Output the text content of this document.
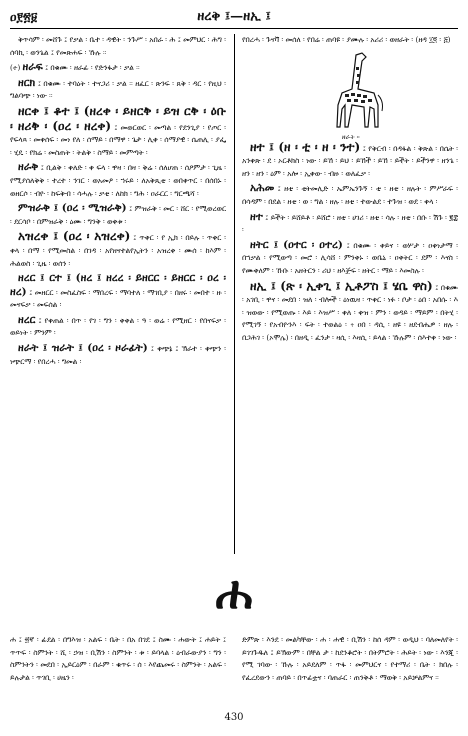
ዐ፻፳፱	ዘረቅ ፤—ዘኢ ፤

ቅጥሳም ፡ መሸጉ ፤ የቃል ፡ ቤተ ፡ ዳዊት ፡ ንጉሥ ፡ አበራ ፡ ሕ ፤ መምህር ፡ ሕግ ፡ ሰባኪ ፡ ወንጌል ፤ የመጽሐፍ ፡ ኹሉ ።

(ተ) ዘራፍ ፤ በቁሙ ፡ ዘራፊ ፡ የድንፋታ ፡ ቃል ።

ዘርክ ፤ በቁሙ ፡ ተባዕት ፡ ተናጋሪ ፡ ቃል ። ዘፈር ፡ ጽንፍ ፡ ጸቅ ፡ ዳር ፡ የዚህ ፡ ግልባጭ ፡ ነው ።

ዘርቀ ፤ ቆተ ፤ (ዘረቀ ፡ ይዘርቅ ፡ ይዝ ርቅ ፡ ዕቡ ፡ ዘሪቅ ፡ (ዐረ ፡ ዘረቀ) ፤ መወርወር ፡ መጣል ፡ የደንጊያ ፡ የጦር ፡ የፍላጻ ፡ መቀሰፍ ፡ መነ የለ ፡ ሰማይ ፡ በማዋ ፡ ጌታ ፡ ሊቀ ፡ ሰማያዊ ፡ ሴጠሊ ፡ ያፌ ፡ ሂዴ ፡ የክሬ ፡ መስጠት ፡ ትልቅ ፡ ስማይ ፡ መምጣት ፡

ዘራቅ ፤ ቢልቅ ፡ ቀለድ ፡ ቀ ፍላ ፡ ዋዛ ፡ በዛ ፡ ቅሬ ፡ ሰለሆጠ ፡ ሰዖምታ ፡ ጊዜ ፡ የሚያሰለቅቅ ፡ ተረተ ፡ ንገር ፡ ወአመዖ ፡ ኀሩይ ፡ ለአቅጺቲ ፡ ወበቀጥር ፡ በሰበኑ ፡ ወዘርሶ ፡ ብዮ ፡ ከፍቅብ ፡ ሳሓሉ ፡ ቃቲ ፡ ለከክ ፡ ግሕ ፡ ዐራርር ፡ ግርጫሻ ፡

ምዝራቅ ፤ (ዐረ ፡ ሚዝራቅ) ፤ ምዝራቅ ፡ መር ፡ ሸር ፡ የሚወረወር ፡ ደርሳቦ ፡ በምዝራቅ ፡ ዕሙ ፡ ግንቅ ፡ ወቀቱ ፡

አዝረቀ ፤ (ዐረ ፡ አዝረቀ) ፤ ጥቀር ፡ የ ኢክ ፡ በይሉ ፡ ጥቀር ፡ ቀላ ፡ በማ ፡ የሚመስል ፡ በገዳ ፡ አየዘናተልየኢትን ፡ አዝረቀ ፡ ሙሰ ፡ ከእም ፡ ሕልወስ ፡ ጊዜ ፡ ወሰን ፡

ዘረር ፤ ርተ ፤ (ዘረ ፤ ዘረረ ፡ ይዘርር ፡ ይዘርር ፡ ዐረ ፡ ዘረ) ፤ መዘርር ፡ መስፈስፍ ፡ ማበረፍ ፡ ማባተለ ፡ ማገቢያ ፡ በዘሩ ፡ መበተ ፡ ዙ ፡ መናፍቃ ፡ መፍሰል ፡

ዘረር ፤ የቀጠል ፡ በጥ ፡ የገ ፡ ግን ፡ ቀቀል ፡ ዓ ፡ ወሬ ፡ የሚዘር ፡ የበናፍቃ ፡ ወይነት ፡ ምንም ፡

ዘራት ፤ ዝራት ፤ (ዐረ ፡ ዞራፊት) ፤ ቀጭኔ ፤ ኽራተ ፡ ቀጭን ፡ ነጭርማ ፡ የበረሓ ፡ ግመል ፡

የበረሓ ፡ ጉናቫ ፡ መሰለ ፡ የበሬ ፡ ጠባዩ ፡ ያሙሉ ፡ አሪሪ ፡ ወዘራት ፡ (ዘዳ ፲፬ ፡ ፭)

ዘራት ።

ዘተ ፤ (ዘ ፡ ቲ ፡ ዘ ፡ ንተ) ፤ የቅርብ ፡ በዳፋል ፡ ቅጽል ፡ በሴት ፡ አንቀጽ ፡ ደ ፡ ኦርቶክስ ፡ ነው ፡ ይኸ ፡ ይህ ፡ ይኸች ፡ ይኸ ፡ ይችት ፡ ይችንዋ ፡ ዘንጌ ፡ ዘን ፡ ዘን ፡ ዕም ፡ አሎ ፡ ኢቀው ፡ ብዙ ፡ ወለፈቃ ፡

አሕመ ፤ ዘቲ ፡ ቲትመሊድ ፡ ኤምኤንጉኝ ፡ ቲ ፡ ዘቲ ፡ ዘሉት ፡ ምሥራፍ ፡ በሳዳም ፡ በደል ፡ ዘቲ ፡ ወ ፡ ግል ፡ ዘሉ ፡ ዘቲ ፡ ተውልደ ፡ ተጉዝ ፡ ወደ ፡ ቀላ ፡

ዘተ ፤ ይችት ፡ ይሸይቶ ፡ ይሸሮ ፡ ዘቲ ፡ ሀገሪ ፡ ዘቲ ፡ ሳሉ ፡ ዘቲ ፡ በቡ ፡ ሽጉ ፡ ፪፰ ፡

ዘትር ፤ (ዐተር ፡ ዐተረ) ፤ በቁሙ ፡ ቀይና ፡ ወሦታ ፡ ዐቀነታማ ፡ በኀቃል ፡ የሚወጣ ፡ መሮ ፡ ሊሳሸ ፡ ምንቀኑ ፡ ወቤኒ ፡ ዐቀትር ፡ ደም ፡ እናስ ፡ የሙቀለም ፡ ኹቡ ፡ አዘትርን ፡ ሪህ ፡ ዘእጅፍ ፡ ዘትር ፡ ማይ ፡ እመስሉ ፡

ዘኢ ፤ (ጽ ፡ ኢቀጊ ፤ ኢቶፖስ ፤ ሄቤ ዋስ) ፤ በቁሙ ፡ አገቢ ፡ ዋና ፡ መደበ ፡ ዝለ ፡ ብሎች ፡ ዕነዉዛ ፡ ጥቀር ፡ ነፉ ፡ ቦታ ፡ ዕበ ፡ አበሱ ፡ እ ፡ ዝወው ፡ የሚወጡ ፡ እይ ፡ እዝሥ ፡ ቀለ ፡ ቀዝ ፡ ምን ፡ ወዳይ ፡ ማይም ፡ በትሂ ፡ የሚገኝ ፡ የአብዮንእ ፡ ፍት ፡ ተወልዕ ፡ ፥ ዐበ ፡ ዳሲ ፡ ዘዩ ፡ ዘደብሔዎ ፡ ዘሉ ፡ በጋሕገ ፡ (ኦሞሌ) ፡ በዘዲ ፡ ፈንታ ፡ ዛሲ ፡ እዛሲ ፡ ይላል ፡ ኹሉም ፡ ሰእተቀ ፡ ነው ፡

ሐ
ሐ ፤ ፳ኛ ፡ ፊደል ፡ በግእዝ ፡ አልፍ ፡ ቤት ፡ በአ በገደ ፤ ስሙ ፡ ሐውት ፤ ሐይት ፤ ጥጥፍ ፡ ስምንት ፡ ሺ ፡ ኃዝ ፡ ቢሽን ፡ ስምንት ፡ ቱ ፡ ይባላል ፡ ዕብራውያን ፡ ግን ፡ ስምንትን ፡ መደበ ፡ ኢይርዕም ፡ በራም ፡ ቁጥሩ ፡ ሰ ፡ እየጨመሩ ፡ ስምንት ፡ አልፍ ፡ ይሉታል ፡ ጥገቢ ፡ ሀዜን ፡
ድምጽ ፡ እንደ ፡ መልካቸው ፡ ሐ ፡ ሐዊ ፡ ቢሽን ፡ ከሰ ዳም ፡ ወዲህ ፡ ባለመለየት ፡ ይገገጉዱለ ፤ ይኽውም ፡ በቸል ታ ፡ ከደንቆሮት ፡ በትምሮት ፡ ሕይት ፡ ነው ፡ እንጂ ፡ የሚ ገባው ፡ ኹሉ ፡ አይደለም ፡ ጥፋ ፡ መምህርና ፡ የተማሪ ፡ ቤት ፡ ክበሉ ፡ የፈረደውን ፡ ጠባይ ፡ በጥፊቷና ፡ ባጠራር ፡ ጠንቅቶ ፡ ማወቅ ፡ አይቻልምና ።
430
